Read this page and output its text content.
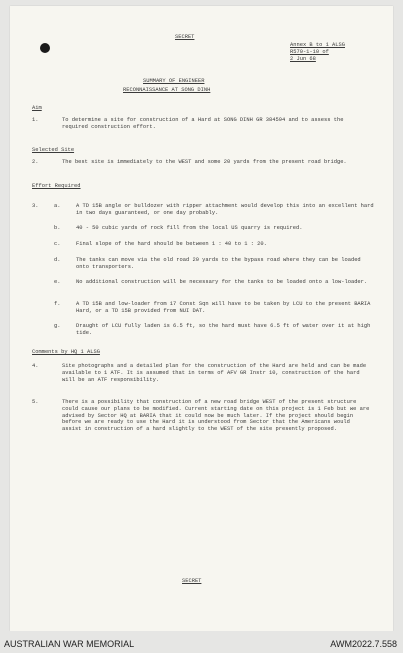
SECRET
Annex B to 1 ALSG
R570-1-10 of
2 Jun 68
SUMMARY OF ENGINEER
RECONNAISSANCE AT SONG DINH
Aim
1.	To determine a site for construction of a Hard at SONG DINH GR 384594 and to assess the required construction effort.
Selected Site
2.	The best site is immediately to the WEST and some 20 yards from the present road bridge.
Effort Required
3.	a.	A TD 15B angle or bulldozer with ripper attachment would develop this into an excellent hard in two days guaranteed, or one day probably.
b.	40 - 50 cubic yards of rock fill from the local US quarry is required.
c.	Final slope of the hard should be between 1 : 40 to 1 : 20.
d.	The tanks can move via the old road 20 yards to the bypass road where they can be loaded onto transporters.
e.	No additional construction will be necessary for the tanks to be loaded onto a low-loader.
f.	A TD 15B and low-loader from 17 Const Sqn will have to be taken by LCU to the present BARIA Hard, or a TD 15B provided from NUI DAT.
g.	Draught of LCU fully laden is 6.5 ft, so the hard must have 6.5 ft of water over it at high tide.
Comments by HQ 1 ALSG
4.	Site photographs and a detailed plan for the construction of the Hard are held and can be made available to 1 ATF. It is assumed that in terms of AFV GR Instr 10, construction of the hard will be an ATF responsibility.
5.	There is a possibility that construction of a new road bridge WEST of the present structure could cause our plans to be modified. Current starting date on this project is 1 Feb but we are advised by Sector HQ at BARIA that it could now be much later. If the project should begin before we are ready to use the Hard it is understood from Sector that the Americans would assist in construction of a hard slightly to the WEST of the site presently proposed.
SECRET
AUSTRALIAN WAR MEMORIAL	AWM2022.7.558
